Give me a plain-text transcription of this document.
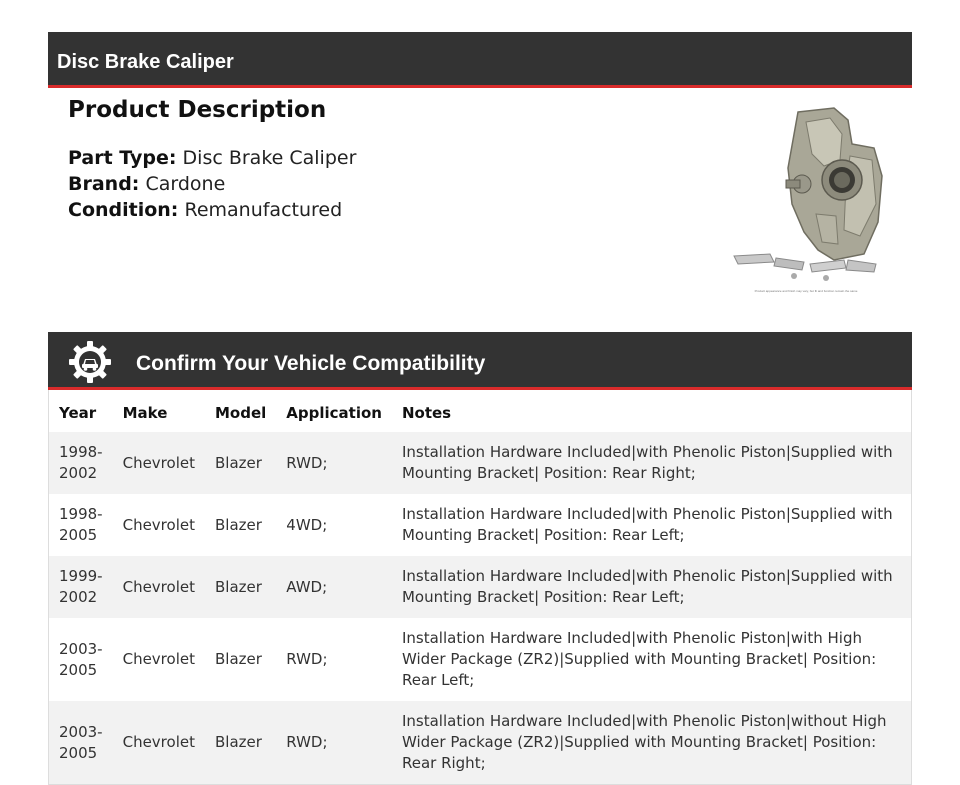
Disc Brake Caliper
Product Description
Part Type: Disc Brake Caliper
Brand: Cardone
Condition: Remanufactured
Product appearance and finish may vary, but fit and function remain the same
Confirm Your Vehicle Compatibility
Year	Make	Model	Application	Notes
1998-2002	Chevrolet	Blazer	RWD;	Installation Hardware Included|with Phenolic Piston|Supplied with Mounting Bracket| Position: Rear Right;
1998-2005	Chevrolet	Blazer	4WD;	Installation Hardware Included|with Phenolic Piston|Supplied with Mounting Bracket| Position: Rear Left;
1999-2002	Chevrolet	Blazer	AWD;	Installation Hardware Included|with Phenolic Piston|Supplied with Mounting Bracket| Position: Rear Left;
2003-2005	Chevrolet	Blazer	RWD;	Installation Hardware Included|with Phenolic Piston|with High Wider Package (ZR2)|Supplied with Mounting Bracket| Position: Rear Left;
2003-2005	Chevrolet	Blazer	RWD;	Installation Hardware Included|with Phenolic Piston|without High Wider Package (ZR2)|Supplied with Mounting Bracket| Position: Rear Right;
